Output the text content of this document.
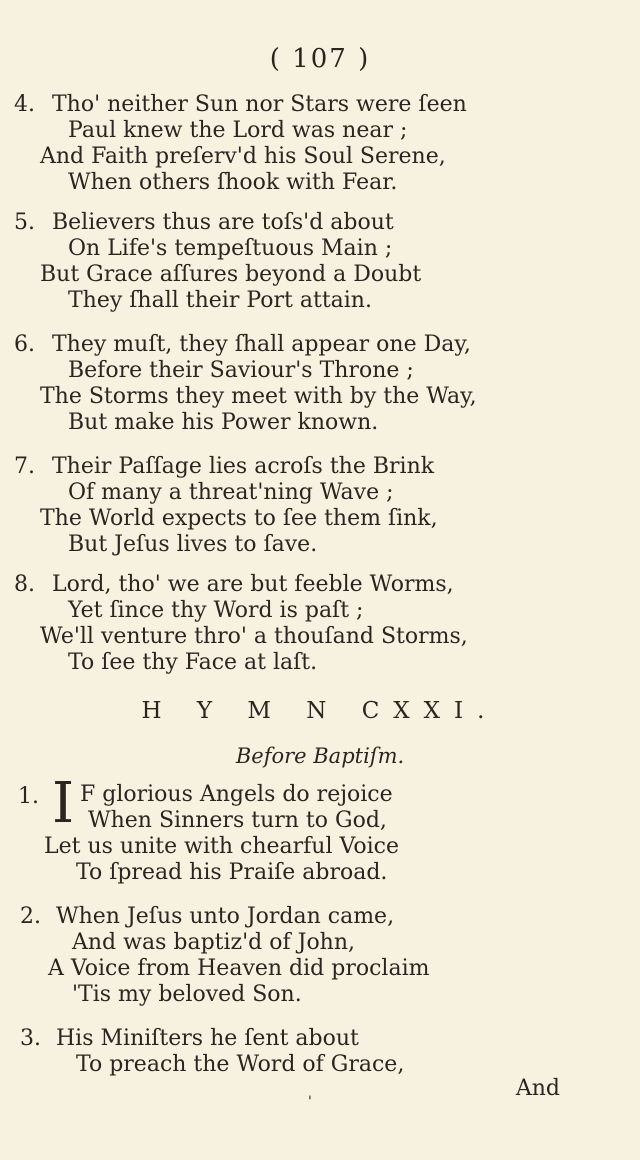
( 107 )
4. Tho' neither Sun nor Stars were ſeen
Paul knew the Lord was near ;
And Faith preſerv'd his Soul Serene,
When others ſhook with Fear.
5. Believers thus are toſs'd about
On Life's tempeſtuous Main ;
But Grace aſſures beyond a Doubt
They ſhall their Port attain.
6. They muſt, they ſhall appear one Day,
Before their Saviour's Throne ;
The Storms they meet with by the Way,
But make his Power known.
7. Their Paſſage lies acroſs the Brink
Of many a threat'ning Wave ;
The World expects to ſee them ſink,
But Jeſus lives to ſave.
8. Lord, tho' we are but feeble Worms,
Yet ſince thy Word is paſt ;
We'll venture thro' a thouſand Storms,
To ſee thy Face at laſt.
H Y M N CXXI.
Before Baptiſm.
1. I F glorious Angels do rejoice
When Sinners turn to God,
Let us unite with chearful Voice
To ſpread his Praiſe abroad.
2. When Jeſus unto Jordan came,
And was baptiz'd of John,
A Voice from Heaven did proclaim
'Tis my beloved Son.
3. His Miniſters he ſent about
To preach the Word of Grace,
And
'
